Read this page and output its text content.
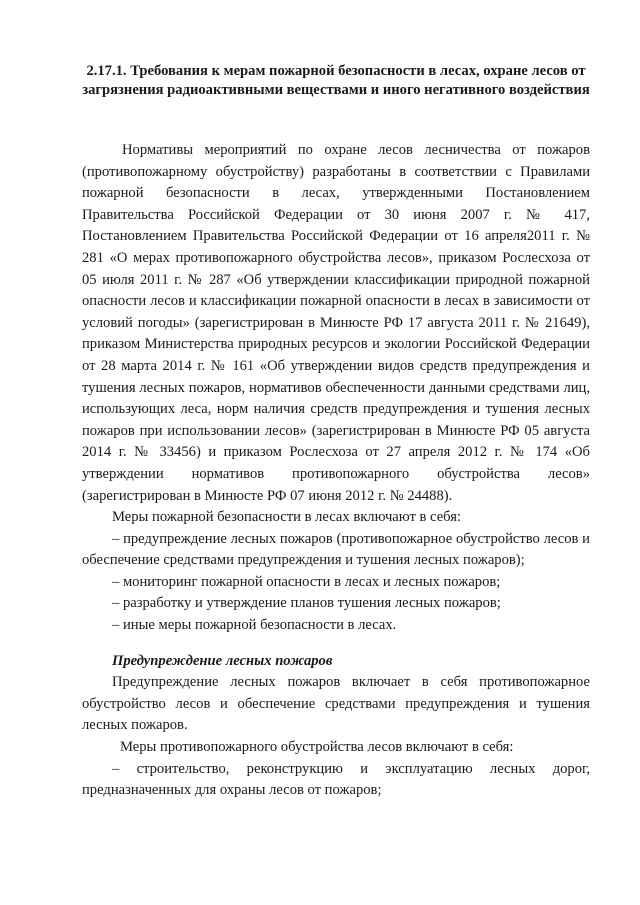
2.17.1. Требования к мерам пожарной безопасности в лесах, охране лесов от загрязнения радиоактивными веществами и иного негативного воздействия

Нормативы мероприятий по охране лесов лесничества от пожаров (противопожарному обустройству) разработаны в соответствии с Правилами пожарной безопасности в лесах, утвержденными Постановлением Правительства Российской Федерации от 30 июня 2007 г. № 417, Постановлением Правительства Российской Федерации от 16 апреля2011 г. № 281 «О мерах противопожарного обустройства лесов», приказом Рослесхоза от 05 июля 2011 г. № 287 «Об утверждении классификации природной пожарной опасности лесов и классификации пожарной опасности в лесах в зависимости от условий погоды» (зарегистрирован в Минюсте РФ 17 августа 2011 г. № 21649), приказом Министерства природных ресурсов и экологии Российской Федерации от 28 марта 2014 г. № 161 «Об утверждении видов средств предупреждения и тушения лесных пожаров, нормативов обеспеченности данными средствами лиц, использующих леса, норм наличия средств предупреждения и тушения лесных пожаров при использовании лесов» (зарегистрирован в Минюсте РФ 05 августа 2014 г. № 33456) и приказом Рослесхоза от 27 апреля 2012 г. № 174 «Об утверждении нормативов противопожарного обустройства лесов» (зарегистрирован в Минюсте РФ 07 июня 2012 г. № 24488).

Меры пожарной безопасности в лесах включают в себя:

– предупреждение лесных пожаров (противопожарное обустройство лесов и обеспечение средствами предупреждения и тушения лесных пожаров);

– мониторинг пожарной опасности в лесах и лесных пожаров;

– разработку и утверждение планов тушения лесных пожаров;

– иные меры пожарной безопасности в лесах.

Предупреждение лесных пожаров

Предупреждение лесных пожаров включает в себя противопожарное обустройство лесов и обеспечение средствами предупреждения и тушения лесных пожаров.

Меры противопожарного обустройства лесов включают в себя:

– строительство, реконструкцию и эксплуатацию лесных дорог, предназначенных для охраны лесов от пожаров;
